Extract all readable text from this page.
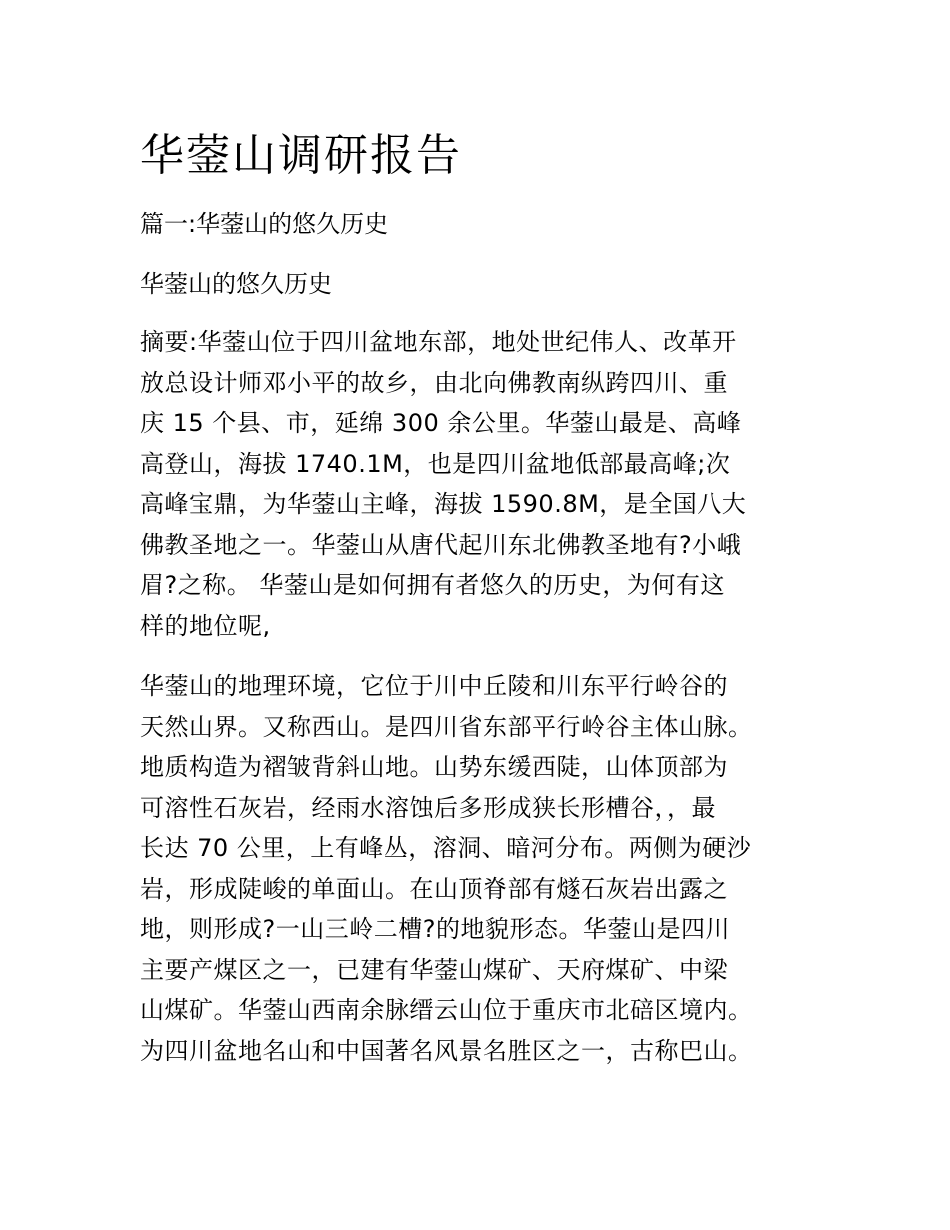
华蓥山调研报告

篇一:华蓥山的悠久历史

华蓥山的悠久历史

摘要:华蓥山位于四川盆地东部，地处世纪伟人、改革开
放总设计师邓小平的故乡，由北向佛教南纵跨四川、重
庆 15 个县、市，延绵 300 余公里。华蓥山最是、高峰
高登山，海拔 1740.1M，也是四川盆地低部最高峰;次
高峰宝鼎，为华蓥山主峰，海拔 1590.8M，是全国八大
佛教圣地之一。华蓥山从唐代起川东北佛教圣地有?小峨
眉?之称。 华蓥山是如何拥有者悠久的历史，为何有这
样的地位呢,
华蓥山的地理环境，它位于川中丘陵和川东平行岭谷的
天然山界。又称西山。是四川省东部平行岭谷主体山脉。
地质构造为褶皱背斜山地。山势东缓西陡，山体顶部为
可溶性石灰岩，经雨水溶蚀后多形成狭长形槽谷，，最
长达 70 公里，上有峰丛，溶洞、暗河分布。两侧为硬沙
岩，形成陡峻的单面山。在山顶脊部有燧石灰岩出露之
地，则形成?一山三岭二槽?的地貌形态。华蓥山是四川
主要产煤区之一，已建有华蓥山煤矿、天府煤矿、中梁
山煤矿。华蓥山西南余脉缙云山位于重庆市北碚区境内。
为四川盆地名山和中国著名风景名胜区之一，古称巴山。
